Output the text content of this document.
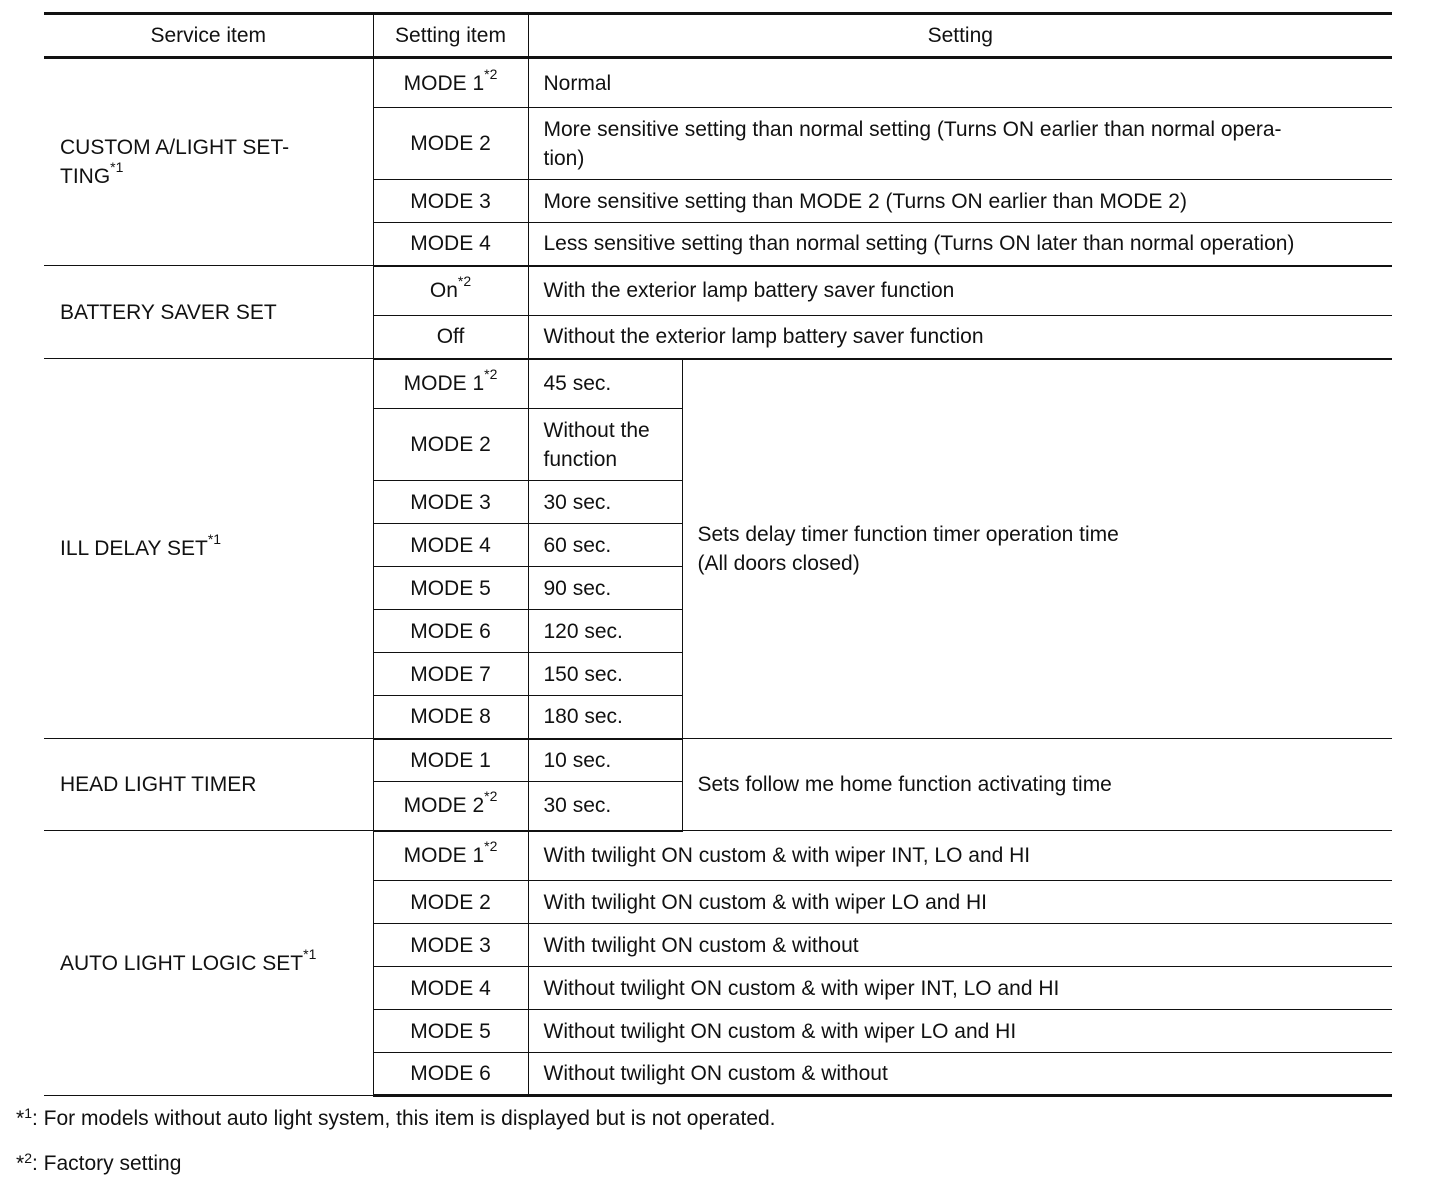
Service item	Setting item	Setting	
CUSTOM A/LIGHT SET-
TING$^{*1}$	MODE 1$^{*2}$	Normal	
	MODE 2	More sensitive setting than normal setting (Turns ON earlier than normal opera-
tion)	
	MODE 3	More sensitive setting than MODE 2 (Turns ON earlier than MODE 2)	
	MODE 4	Less sensitive setting than normal setting (Turns ON later than normal operation)	
BATTERY SAVER SET	On$^{*2}$	With the exterior lamp battery saver function	
	Off	Without the exterior lamp battery saver function	
ILL DELAY SET$^{*1}$	MODE 1$^{*2}$	45 sec.	Sets delay timer function timer operation time
(All doors closed)
	MODE 2	Without the
function	
	MODE 3	30 sec.	
	MODE 4	60 sec.	
	MODE 5	90 sec.	
	MODE 6	120 sec.	
	MODE 7	150 sec.	
	MODE 8	180 sec.	
HEAD LIGHT TIMER	MODE 1	10 sec.	Sets follow me home function activating time
	MODE 2$^{*2}$	30 sec.	
AUTO LIGHT LOGIC SET$^{*1}$	MODE 1$^{*2}$	With twilight ON custom & with wiper INT, LO and HI	
	MODE 2	With twilight ON custom & with wiper LO and HI	
	MODE 3	With twilight ON custom & without	
	MODE 4	Without twilight ON custom & with wiper INT, LO and HI	
	MODE 5	Without twilight ON custom & with wiper LO and HI	
	MODE 6	Without twilight ON custom & without	
*$^1$: For models without auto light system, this item is displayed but is not operated.
*$^2$: Factory setting
